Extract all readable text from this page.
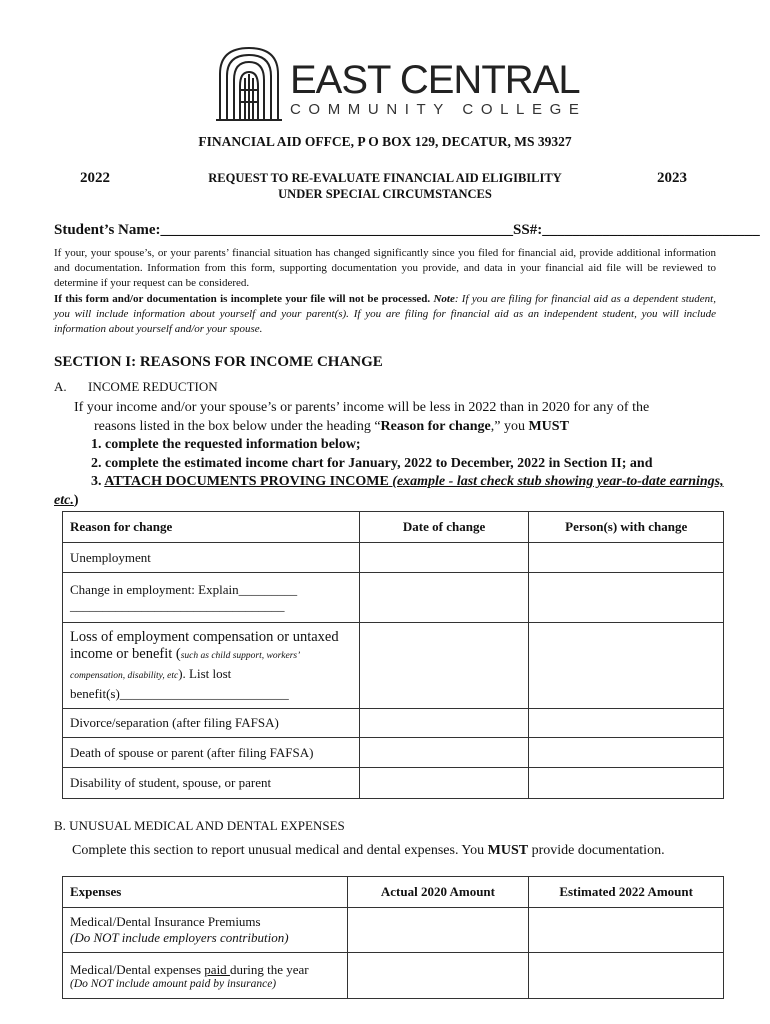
EAST CENTRAL
COMMUNITY COLLEGE
FINANCIAL AID OFFCE, P O BOX 129, DECATUR, MS 39327
2022	2023
REQUEST TO RE-EVALUATE FINANCIAL AID ELIGIBILITY
UNDER SPECIAL CIRCUMSTANCES
Student’s Name:_______________________________________________SS#:_____________________________
If your, your spouse’s, or your parents’ financial situation has changed significantly since you filed for financial aid, provide additional information and documentation. Information from this form, supporting documentation you provide, and data in your financial aid file will be reviewed to determine if your request can be considered.
If this form and/or documentation is incomplete your file will not be processed. Note: If you are filing for financial aid as a dependent student, you will include information about yourself and your parent(s). If you are filing for financial aid as an independent student, you will include information about yourself and/or your spouse.
SECTION I: REASONS FOR INCOME CHANGE
A. INCOME REDUCTION
If your income and/or your spouse’s or parents’ income will be less in 2022 than in 2020 for any of the
reasons listed in the box below under the heading “Reason for change,” you MUST
1. complete the requested information below;
2. complete the estimated income chart for January, 2022 to December, 2022 in Section II; and
3. ATTACH DOCUMENTS PROVING INCOME (example - last check stub showing year-to-date earnings, etc.)
Reason for change	Date of change	Person(s) with change
Unemployment		

Change in employment: Explain_________
_________________________________		

Loss of employment compensation or untaxed income or benefit (such as child support, workers’ compensation, disability, etc). List lost benefit(s)__________________________		
Divorce/separation (after filing FAFSA)		
Death of spouse or parent (after filing FAFSA)		
Disability of student, spouse, or parent		
B. UNUSUAL MEDICAL AND DENTAL EXPENSES
Complete this section to report unusual medical and dental expenses. You MUST provide documentation.
Expenses	Actual 2020 Amount	Estimated 2022 Amount

Medical/Dental Insurance Premiums
(Do NOT include employers contribution)		

Medical/Dental expenses paid during the year
(Do NOT include amount paid by insurance)		
